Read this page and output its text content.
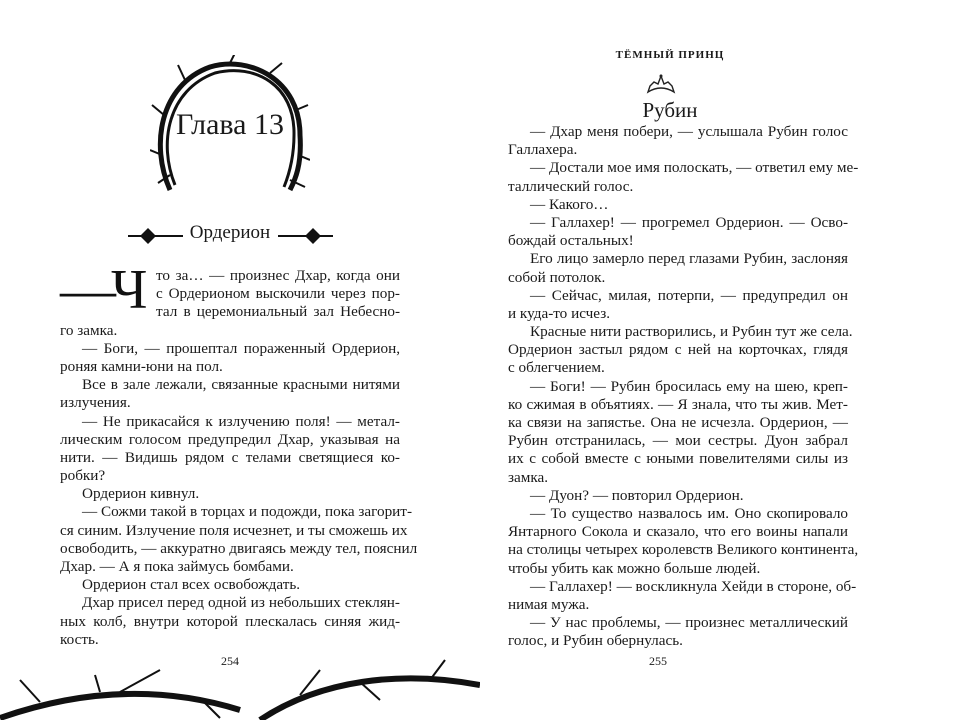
Глава 13
Ордерион
—Ч то за… — произнес Дхар, когда они
с Ордерионом выскочили через пор-
тал в церемониальный зал Небесно-
го замка.
— Боги, — прошептал пораженный Ордерион,
роняя камни-юни на пол.
Все в зале лежали, связанные красными нитями
излучения.
— Не прикасайся к излучению поля! — метал-
лическим голосом предупредил Дхар, указывая на
нити. — Видишь рядом с телами светящиеся ко-
робки?
Ордерион кивнул.
— Сожми такой в торцах и подожди, пока загорит-
ся синим. Излучение поля исчезнет, и ты сможешь их
освободить, — аккуратно двигаясь между тел, пояснил
Дхар. — А я пока займусь бомбами.
Ордерион стал всех освобождать.
Дхар присел перед одной из небольших стеклян-
ных колб, внутри которой плескалась синяя жид-
кость.
254
ТЁМНЫЙ ПРИНЦ
Рубин
— Дхар меня побери, — услышала Рубин голос
Галлахера.
— Достали мое имя полоскать, — ответил ему ме-
таллический голос.
— Какого…
— Галлахер! — прогремел Ордерион. — Осво-
бождай остальных!
Его лицо замерло перед глазами Рубин, заслоняя
собой потолок.
— Сейчас, милая, потерпи, — предупредил он
и куда-то исчез.
Красные нити растворились, и Рубин тут же села.
Ордерион застыл рядом с ней на корточках, глядя
с облегчением.
— Боги! — Рубин бросилась ему на шею, креп-
ко сжимая в объятиях. — Я знала, что ты жив. Мет-
ка связи на запястье. Она не исчезла. Ордерион, —
Рубин отстранилась, — мои сестры. Дуон забрал
их с собой вместе с юными повелителями силы из
замка.
— Дуон? — повторил Ордерион.
— То существо назвалось им. Оно скопировало
Янтарного Сокола и сказало, что его воины напали
на столицы четырех королевств Великого континента,
чтобы убить как можно больше людей.
— Галлахер! — воскликнула Хейди в стороне, об-
нимая мужа.
— У нас проблемы, — произнес металлический
голос, и Рубин обернулась.
255
